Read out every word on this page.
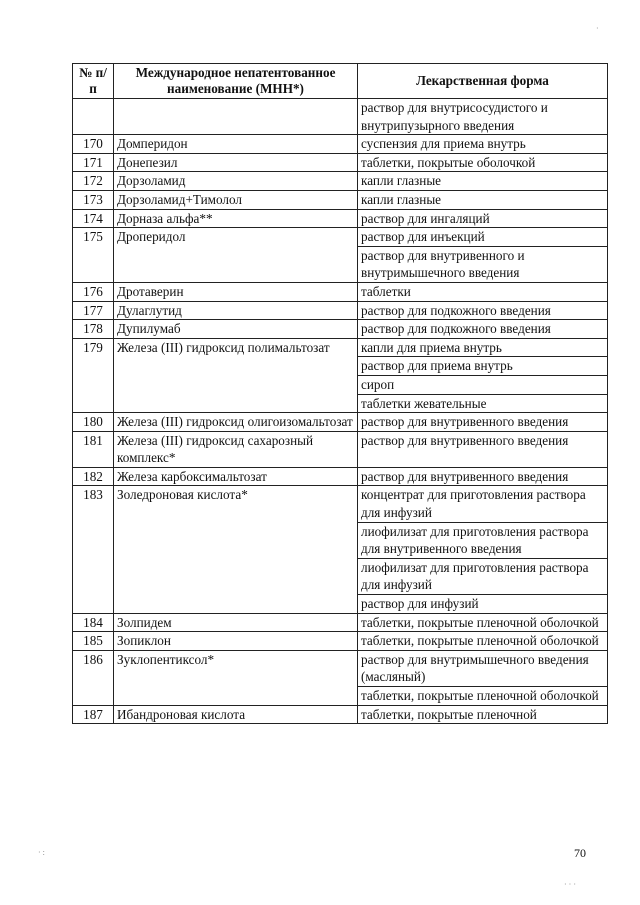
№ п/п	Международное непатентованное наименование (МНН*)	Лекарственная форма
		раствор для внутрисосудистого и внутрипузырного введения
170	Домперидон	суспензия для приема внутрь
171	Донепезил	таблетки, покрытые оболочкой
172	Дорзоламид	капли глазные
173	Дорзоламид+Тимолол	капли глазные
174	Дорназа альфа**	раствор для ингаляций
175	Дроперидол	раствор для инъекций
		раствор для внутривенного и внутримышечного введения
176	Дротаверин	таблетки
177	Дулаглутид	раствор для подкожного введения
178	Дупилумаб	раствор для подкожного введения
179	Железа (III) гидроксид полимальтозат	капли для приема внутрь
		раствор для приема внутрь
		сироп
		таблетки жевательные
180	Железа (III) гидроксид олигоизомальтозат	раствор для внутривенного введения
181	Железа (III) гидроксид сахарозный комплекс*	раствор для внутривенного введения
182	Железа карбоксимальтозат	раствор для внутривенного введения
183	Золедроновая кислота*	концентрат для приготовления раствора для инфузий
		лиофилизат для приготовления раствора для внутривенного введения
		лиофилизат для приготовления раствора для инфузий
		раствор для инфузий
184	Золпидем	таблетки, покрытые пленочной оболочкой
185	Зопиклон	таблетки, покрытые пленочной оболочкой
186	Зуклопентиксол*	раствор для внутримышечного введения (масляный)
		таблетки, покрытые пленочной оболочкой
187	Ибандроновая кислота	таблетки, покрытые пленочной
70
·
· :
· · ·
